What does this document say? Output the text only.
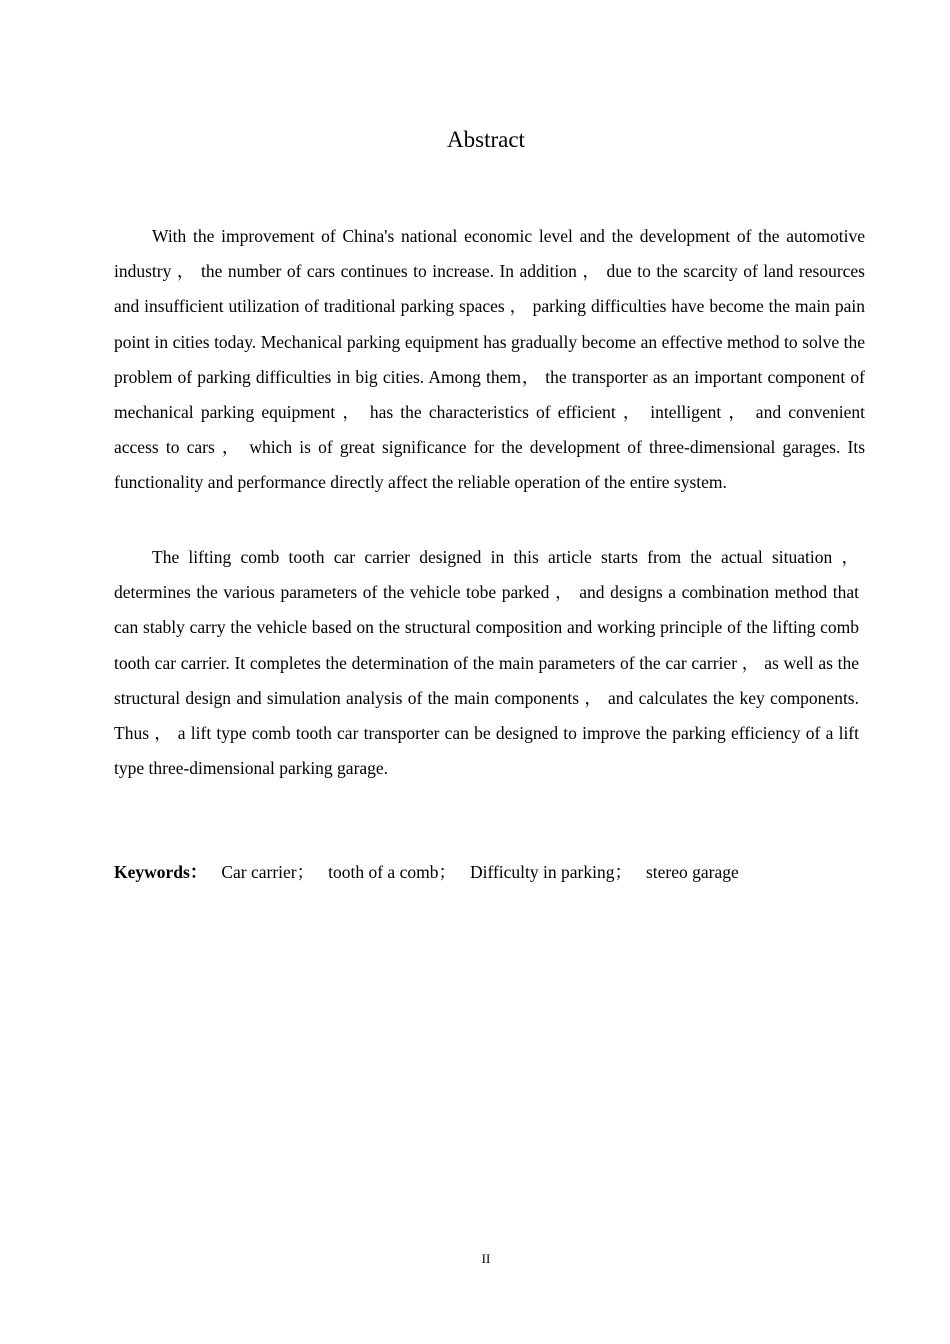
Abstract

With the improvement of China's national economic level and the development of the automotive industry ， the number of cars continues to increase. In addition ， due to the scarcity of land resources and insufficient utilization of traditional parking spaces ， parking difficulties have become the main pain point in cities today. Mechanical parking equipment has gradually become an effective method to solve the problem of parking difficulties in big cities. Among them， the transporter as an important component of mechanical parking equipment ， has the characteristics of efficient ， intelligent ， and convenient access to cars ， which is of great significance for the development of three-dimensional garages. Its functionality and performance directly affect the reliable operation of the entire system.

The lifting comb tooth car carrier designed in this article starts from the actual situation ， determines the various parameters of the vehicle tobe parked ， and designs a combination method that can stably carry the vehicle based on the structural composition and working principle of the lifting comb tooth car carrier. It completes the determination of the main parameters of the car carrier ， as well as the structural design and simulation analysis of the main components ， and calculates the key components. Thus ， a lift type comb tooth car transporter can be designed to improve the parking efficiency of a lift type three-dimensional parking garage.

Keywords： Car carrier； tooth of a comb； Difficulty in parking； stereo garage
II
